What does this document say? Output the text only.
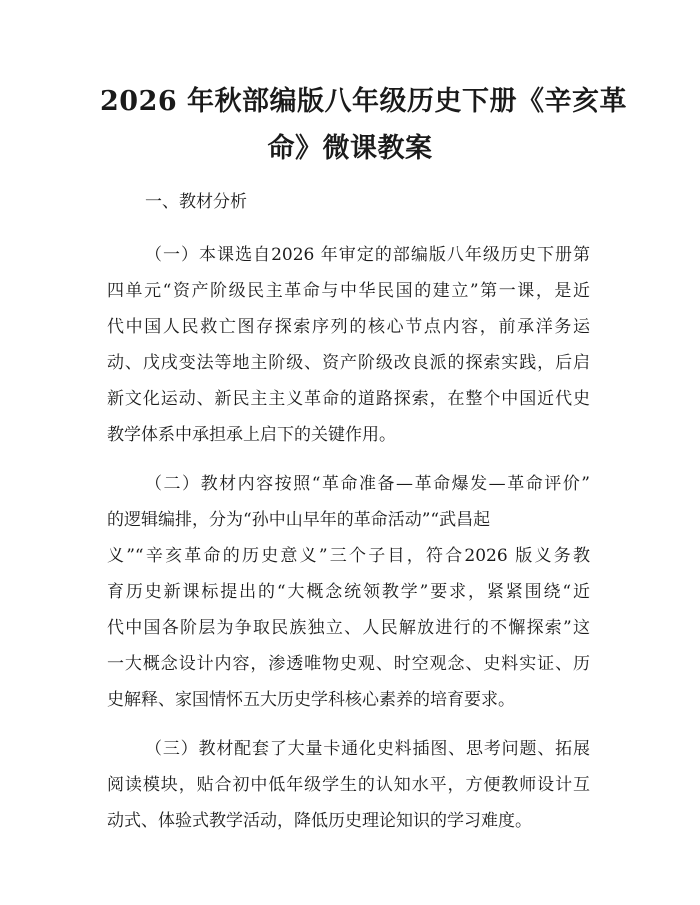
2026 年秋部编版八年级历史下册《辛亥革
命》微课教案
一、教材分析
（一）本课选自2026 年审定的部编版八年级历史下册第
四单元“资产阶级民主革命与中华民国的建立”第一课，是近
代中国人民救亡图存探索序列的核心节点内容，前承洋务运
动、戊戌变法等地主阶级、资产阶级改良派的探索实践，后启
新文化运动、新民主主义革命的道路探索，在整个中国近代史
教学体系中承担承上启下的关键作用。
（二）教材内容按照“革命准备—革命爆发—革命评价”
的逻辑编排，分为“孙中山早年的革命活动”“武昌起
义”“辛亥革命的历史意义”三个子目，符合2026 版义务教
育历史新课标提出的“大概念统领教学”要求，紧紧围绕“近
代中国各阶层为争取民族独立、人民解放进行的不懈探索”这
一大概念设计内容，渗透唯物史观、时空观念、史料实证、历
史解释、家国情怀五大历史学科核心素养的培育要求。
（三）教材配套了大量卡通化史料插图、思考问题、拓展
阅读模块，贴合初中低年级学生的认知水平，方便教师设计互
动式、体验式教学活动，降低历史理论知识的学习难度。
